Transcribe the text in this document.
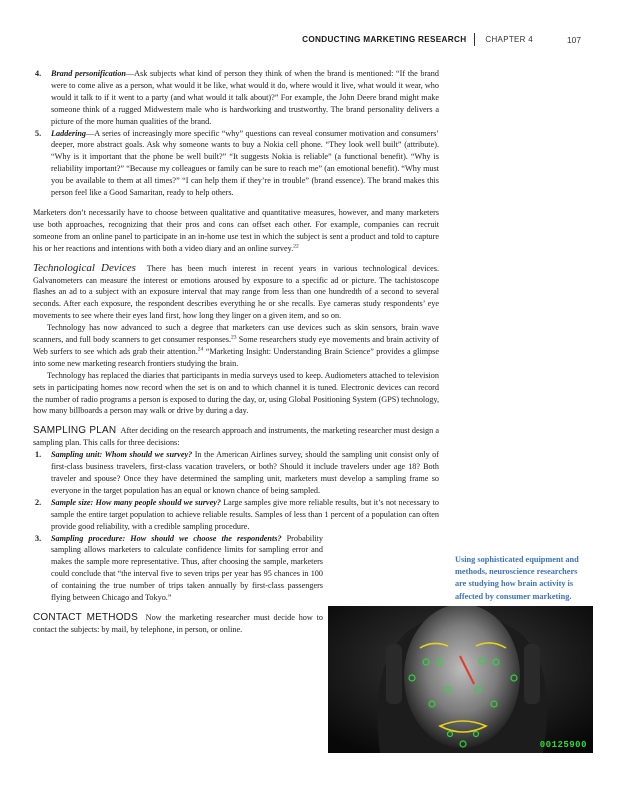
CONDUCTING MARKETING RESEARCH CHAPTER 4	107
4.	Brand personification—Ask subjects what kind of person they think of when the brand is mentioned: “If the brand were to come alive as a person, what would it be like, what would it do, where would it live, what would it wear, who would it talk to if it went to a party (and what would it talk about)?” For example, the John Deere brand might make someone think of a rugged Midwestern male who is hardworking and trustworthy. The brand personality delivers a picture of the more human qualities of the brand.
5.	Laddering—A series of increasingly more specific “why” questions can reveal consumer motivation and consumers’ deeper, more abstract goals. Ask why someone wants to buy a Nokia cell phone. “They look well built” (attribute). “Why is it important that the phone be well built?” “It suggests Nokia is reliable” (a functional benefit). “Why is reliability important?” “Because my colleagues or family can be sure to reach me” (an emotional benefit). “Why must you be available to them at all times?” “I can help them if they’re in trouble” (brand essence). The brand makes this person feel like a Good Samaritan, ready to help others.

Marketers don’t necessarily have to choose between qualitative and quantitative measures, however, and many marketers use both approaches, recognizing that their pros and cons can offset each other. For example, companies can recruit someone from an online panel to participate in an in-home use test in which the subject is sent a product and told to capture his or her reactions and intentions with both a video diary and an online survey.$^{22}$

Technological Devices There has been much interest in recent years in various technological devices. Galvanometers can measure the interest or emotions aroused by exposure to a specific ad or picture. The tachistoscope flashes an ad to a subject with an exposure interval that may range from less than one hundredth of a second to several seconds. After each exposure, the respondent describes everything he or she recalls. Eye cameras study respondents’ eye movements to see where their eyes land first, how long they linger on a given item, and so on.

Technology has now advanced to such a degree that marketers can use devices such as skin sensors, brain wave scanners, and full body scanners to get consumer responses.$^{23}$ Some researchers study eye movements and brain activity of Web surfers to see which ads grab their attention.$^{24}$ “Marketing Insight: Understanding Brain Science” provides a glimpse into some new marketing research frontiers studying the brain.

Technology has replaced the diaries that participants in media surveys used to keep. Audiometers attached to television sets in participating homes now record when the set is on and to which channel it is tuned. Electronic devices can record the number of radio programs a person is exposed to during the day, or, using Global Positioning System (GPS) technology, how many billboards a person may walk or drive by during a day.

SAMPLING PLAN After deciding on the research approach and instruments, the marketing researcher must design a sampling plan. This calls for three decisions:

1.	Sampling unit: Whom should we survey? In the American Airlines survey, should the sampling unit consist only of first-class business travelers, first-class vacation travelers, or both? Should it include travelers under age 18? Both traveler and spouse? Once they have determined the sampling unit, marketers must develop a sampling frame so everyone in the target population has an equal or known chance of being sampled.
2.	Sample size: How many people should we survey? Large samples give more reliable results, but it’s not necessary to sample the entire target population to achieve reliable results. Samples of less than 1 percent of a population can often provide good reliability, with a credible sampling procedure.
3.	Sampling procedure: How should we choose the respondents? Probability sampling allows marketers to calculate confidence limits for sampling error and makes the sample more representative. Thus, after choosing the sample, marketers could conclude that “the interval five to seven trips per year has 95 chances in 100 of containing the true number of trips taken annually by first-class passengers flying between Chicago and Tokyo.”

CONTACT METHODS Now the marketing researcher must decide how to contact the subjects: by mail, by telephone, in person, or online.

Using sophisticated equipment and methods, neuroscience researchers are studying how brain activity is affected by consumer marketing.
00125900
